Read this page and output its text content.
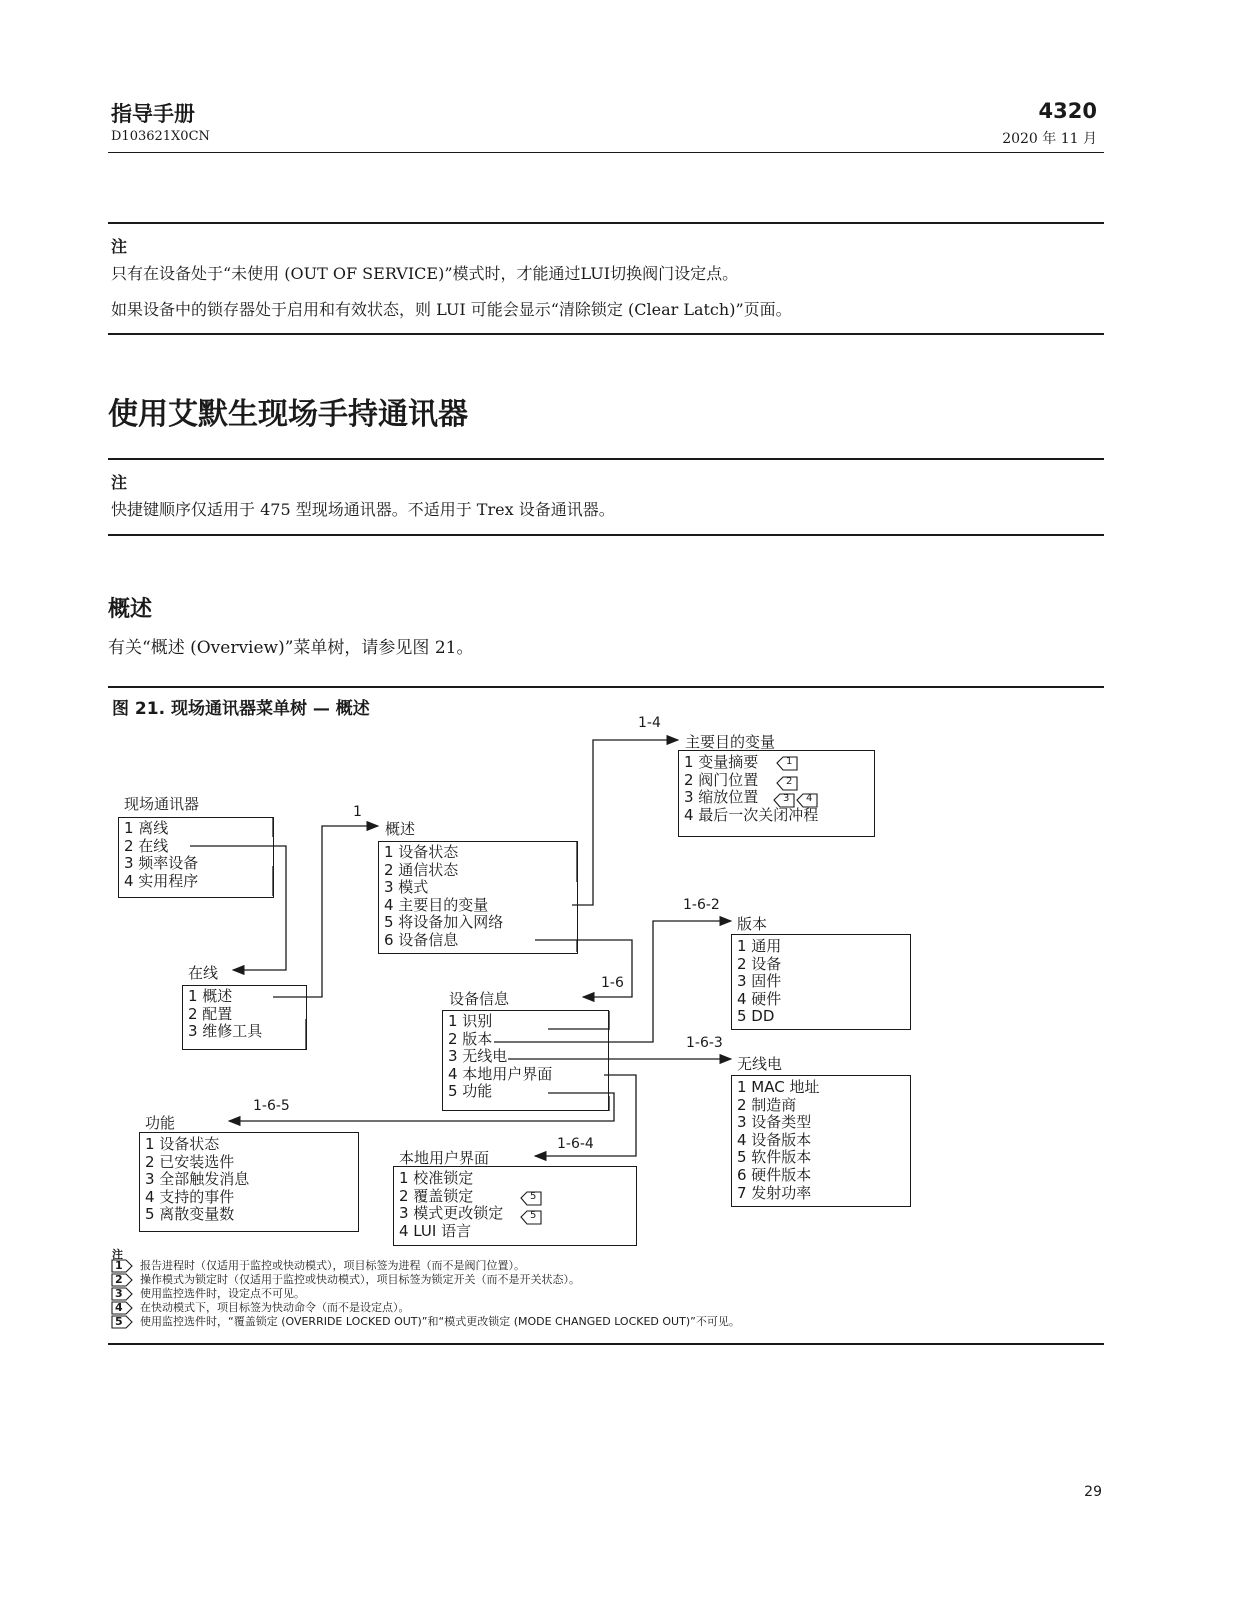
指导手册
D103621X0CN
4320
2020 年 11 月
注
只有在设备处于“未使用 (OUT OF SERVICE)”模式时，才能通过LUI切换阀门设定点。
如果设备中的锁存器处于启用和有效状态，则 LUI 可能会显示“清除锁定 (Clear Latch)”页面。
使用艾默生现场手持通讯器
注
快捷键顺序仅适用于 475 型现场通讯器。不适用于 Trex 设备通讯器。
概述
有关“概述 (Overview)”菜单树，请参见图 21。
图 21. 现场通讯器菜单树 — 概述
1
2
3 4
5
5
1
1-4
1-6
1-6-2
1-6-3
1-6-4
1-6-5
现场通讯器
1 离线
2 在线
3 频率设备
4 实用程序
在线
1 概述
2 配置
3 维修工具
概述
1 设备状态
2 通信状态
3 模式
4 主要目的变量
5 将设备加入网络
6 设备信息
主要目的变量
1 变量摘要
2 阀门位置
3 缩放位置
4 最后一次关闭冲程
设备信息
1 识别
2 版本
3 无线电
4 本地用户界面
5 功能
版本
1 通用
2 设备
3 固件
4 硬件
5 DD
无线电
1 MAC 地址
2 制造商
3 设备类型
4 设备版本
5 软件版本
6 硬件版本
7 发射功率
功能
1 设备状态
2 已安装选件
3 全部触发消息
4 支持的事件
5 离散变量数
本地用户界面
1 校准锁定
2 覆盖锁定
3 模式更改锁定
4 LUI 语言
注
1 报告进程时（仅适用于监控或快动模式），项目标签为进程（而不是阀门位置）。
2 操作模式为锁定时（仅适用于监控或快动模式），项目标签为锁定开关（而不是开关状态）。
3 使用监控选件时，设定点不可见。
4 在快动模式下，项目标签为快动命令（而不是设定点）。
5 使用监控选件时，“覆盖锁定 (OVERRIDE LOCKED OUT)”和“模式更改锁定 (MODE CHANGED LOCKED OUT)”不可见。
29
